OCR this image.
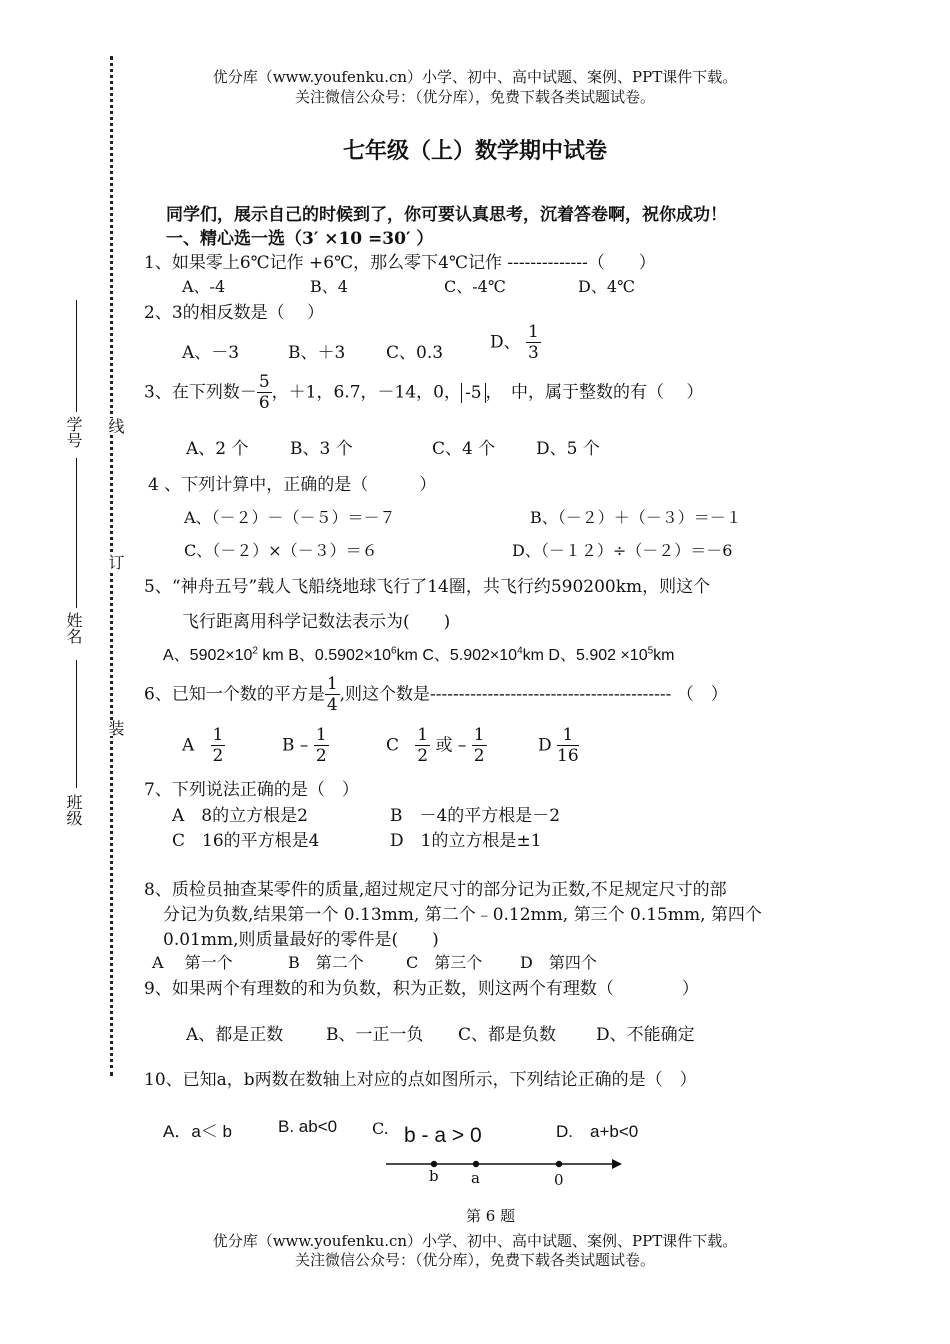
优分库（www.youfenku.cn）小学、初中、高中试题、案例、PPT课件下载。
关注微信公众号：（优分库），免费下载各类试题试卷。
学号
姓名
班级
线
订
装
七年级（上）数学期中试卷
同学们，展示自己的时候到了，你可要认真思考，沉着答卷啊，祝你成功！
一、精心选一选（3′ ×10 =30′ ）
1、如果零上6℃记作 +6℃，那么零下4℃记作 --------------（　　）
A、-4	B、4	C、-4℃	D、4℃
2、3的相反数是（　 ）
A、－3	B、＋3 C、0.3
D、 $\frac{1}{3}$
3、在下列数－ $\frac{5}{6}$ ，＋1，6.7，－14，0， -5 ，　中，属于整数的有（　 ）
A、2 个 B、3 个	C、4 个 D、5 个
4 、下列计算中，正确的是（　　　）
A、（－２）－（－５）＝－７	B、（－２）＋（－３）＝－１
C、（－２）×（－３）＝６	D、（－１２）÷（－２）＝－6
5、“神舟五号”载人飞船绕地球飞行了14圈，共飞行约590200km，则这个
飞行距离用科学记数法表示为(　　)
A、$5902\times 10^2$ km B、$0.5902\times 10^6km$ C、$5.902\times 10^4km$ D、$5.902 \times 10^5km$
6、已知一个数的平方是 $\frac{1}{4}$ ,则这个数是------------------------------------------ （　）
A $\frac{1}{2}$	B – $\frac{1}{2}$	C $\frac{1}{2}$ 或 – $\frac{1}{2}$	D $\frac{1}{16}$
7、下列说法正确的是（　）
A　8的立方根是2	B　－4的平方根是－2
C　16的平方根是4	D　1的立方根是±1
8、质检员抽查某零件的质量,超过规定尺寸的部分记为正数,不足规定尺寸的部
分记为负数,结果第一个 0.13mm, 第二个﹣0.12mm, 第三个 0.15mm, 第四个
0.01mm,则质量最好的零件是(　　)
A　 第一个	B　第二个	C　第三个 D　第四个
9、如果两个有理数的和为负数，积为正数，则这两个有理数（　　　　）
A、都是正数	B、一正一负 C、都是负数 D、不能确定
10、已知a，b两数在数轴上对应的点如图所示，下列结论正确的是（　）
A．a＜ b	B. ab<0 C. b - a > 0	D.　a+b<0
b a	0
第 6 题
优分库（www.youfenku.cn）小学、初中、高中试题、案例、PPT课件下载。
关注微信公众号：（优分库），免费下载各类试题试卷。
